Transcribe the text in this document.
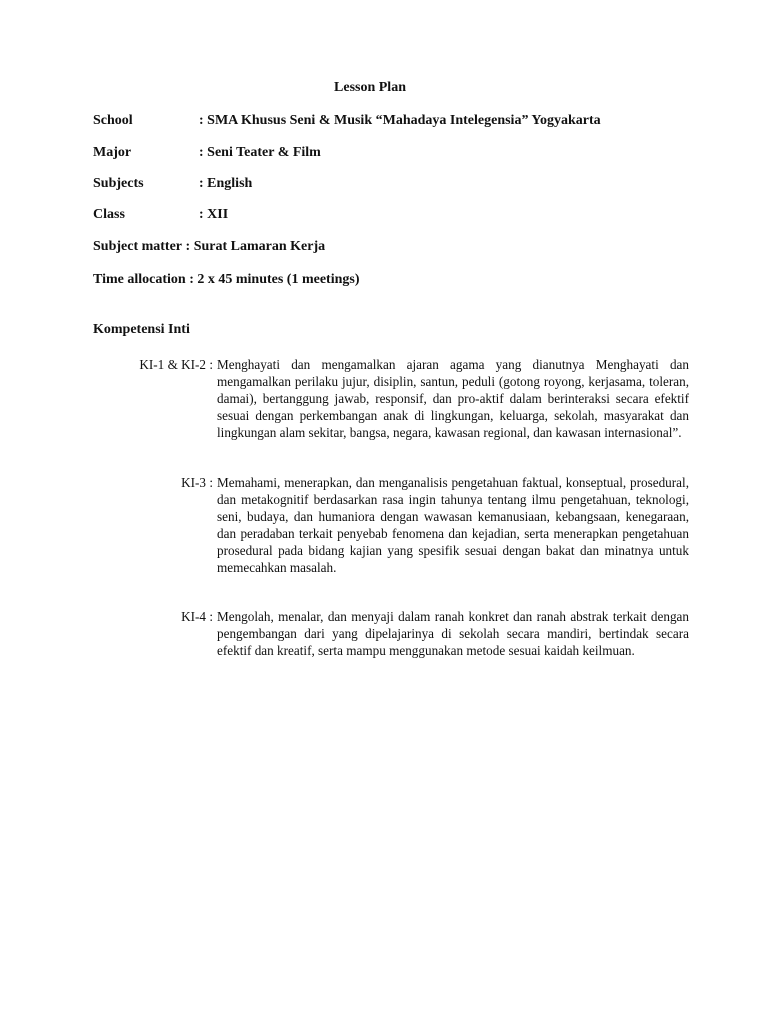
Lesson Plan
School	: SMA Khusus Seni & Musik “Mahadaya Intelegensia” Yogyakarta
Major	: Seni Teater & Film
Subjects	: English
Class	: XII
Subject matter : Surat Lamaran Kerja
Time allocation : 2 x 45 minutes (1 meetings)
Kompetensi Inti
KI-1 & KI-2 : Menghayati dan mengamalkan ajaran agama yang dianutnya Menghayati dan mengamalkan perilaku jujur, disiplin, santun, peduli (gotong royong, kerjasama, toleran, damai), bertanggung jawab, responsif, dan pro-aktif dalam berinteraksi secara efektif sesuai dengan perkembangan anak di lingkungan, keluarga, sekolah, masyarakat dan lingkungan alam sekitar, bangsa, negara, kawasan regional, dan kawasan internasional”.
KI-3 : Memahami, menerapkan, dan menganalisis pengetahuan faktual, konseptual, prosedural, dan metakognitif berdasarkan rasa ingin tahunya tentang ilmu pengetahuan, teknologi, seni, budaya, dan humaniora dengan wawasan kemanusiaan, kebangsaan, kenegaraan, dan peradaban terkait penyebab fenomena dan kejadian, serta menerapkan pengetahuan prosedural pada bidang kajian yang spesifik sesuai dengan bakat dan minatnya untuk memecahkan masalah.
KI-4 : Mengolah, menalar, dan menyaji dalam ranah konkret dan ranah abstrak terkait dengan pengembangan dari yang dipelajarinya di sekolah secara mandiri, bertindak secara efektif dan kreatif, serta mampu menggunakan metode sesuai kaidah keilmuan.
